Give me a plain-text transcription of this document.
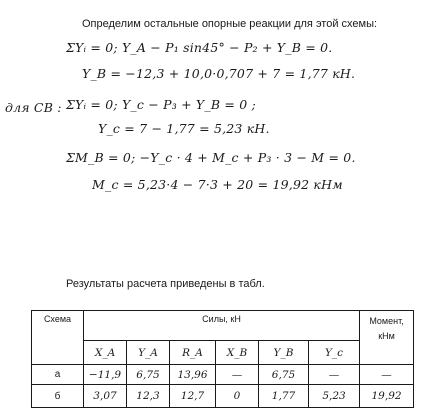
Определим остальные опорные реакции для этой схемы:
ΣYᵢ = 0; Y_A − P₁ sin45° − P₂ + Y_B = 0.
Y_B = −12,3 + 10,0·0,707 + 7 = 1,77 кН.
для CB : ΣYᵢ = 0; Y_c − P₃ + Y_B = 0 ;
Y_c = 7 − 1,77 = 5,23 кН.
ΣM_B = 0; −Y_c · 4 + M_c + P₃ · 3 − M = 0.
M_c = 5,23·4 − 7·3 + 20 = 19,92 кНм
Результаты расчета приведены в табл.
Схема	Силы, кН						Момент, кНм
	X_A	Y_A	R_A	X_B	Y_B	Y_c	
а	−11,9	6,75	13,96	—	6,75	—	—
б	3,07	12,3	12,7	0	1,77	5,23	19,92
